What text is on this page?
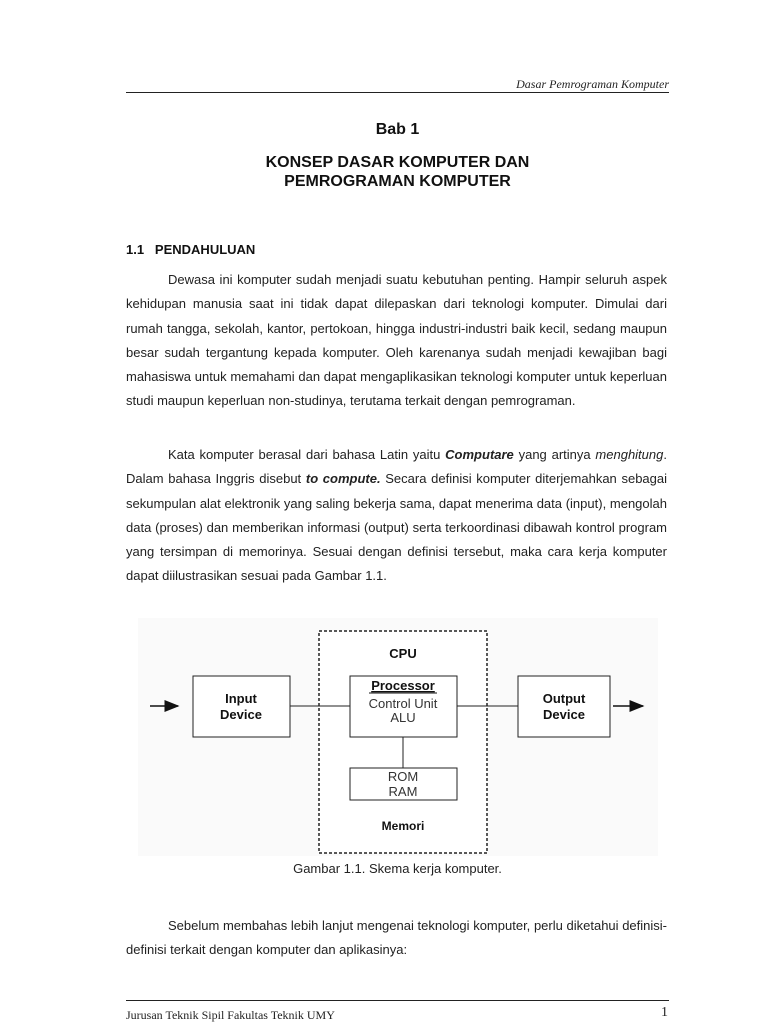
Dasar Pemrograman Komputer
Bab 1
KONSEP DASAR KOMPUTER DAN
PEMROGRAMAN KOMPUTER
1.1 PENDAHULUAN

Dewasa ini komputer sudah menjadi suatu kebutuhan penting. Hampir seluruh aspek kehidupan manusia saat ini tidak dapat dilepaskan dari teknologi komputer. Dimulai dari rumah tangga, sekolah, kantor, pertokoan, hingga industri-industri baik kecil, sedang maupun besar sudah tergantung kepada komputer. Oleh karenanya sudah menjadi kewajiban bagi mahasiswa untuk memahami dan dapat mengaplikasikan teknologi komputer untuk keperluan studi maupun keperluan non-studinya, terutama terkait dengan pemrograman.

Kata komputer berasal dari bahasa Latin yaitu Computare yang artinya menghitung. Dalam bahasa Inggris disebut to compute. Secara definisi komputer diterjemahkan sebagai sekumpulan alat elektronik yang saling bekerja sama, dapat menerima data (input), mengolah data (proses) dan memberikan informasi (output) serta terkoordinasi dibawah kontrol program yang tersimpan di memorinya. Sesuai dengan definisi tersebut, maka cara kerja komputer dapat diilustrasikan sesuai pada Gambar 1.1.

CPU
Input
Device
Processor
Control Unit
ALU
Output
Device
ROM
RAM
Memori
Gambar 1.1. Skema kerja komputer.

Sebelum membahas lebih lanjut mengenai teknologi komputer, perlu diketahui definisi-definisi terkait dengan komputer dan aplikasinya:

Jurusan Teknik Sipil Fakultas Teknik UMY	1
